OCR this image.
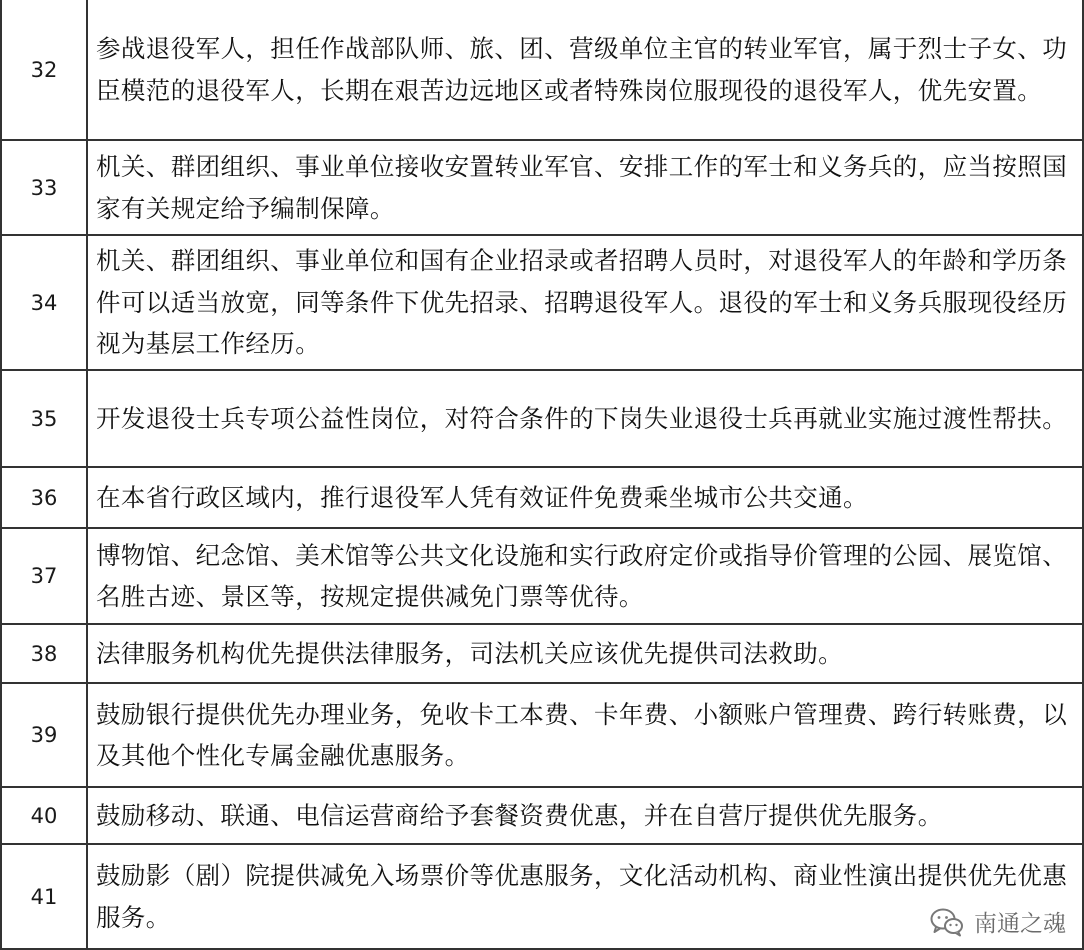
32	参战退役军人，担任作战部队师、旅、团、营级单位主官的转业军官，属于烈士子女、功臣模范的退役军人，长期在艰苦边远地区或者特殊岗位服现役的退役军人，优先安置。
33	机关、群团组织、事业单位接收安置转业军官、安排工作的军士和义务兵的，应当按照国家有关规定给予编制保障。
34	机关、群团组织、事业单位和国有企业招录或者招聘人员时，对退役军人的年龄和学历条件可以适当放宽，同等条件下优先招录、招聘退役军人。退役的军士和义务兵服现役经历视为基层工作经历。
35	开发退役士兵专项公益性岗位，对符合条件的下岗失业退役士兵再就业实施过渡性帮扶。
36	在本省行政区域内，推行退役军人凭有效证件免费乘坐城市公共交通。
37	博物馆、纪念馆、美术馆等公共文化设施和实行政府定价或指导价管理的公园、展览馆、名胜古迹、景区等，按规定提供减免门票等优待。
38	法律服务机构优先提供法律服务，司法机关应该优先提供司法救助。
39	鼓励银行提供优先办理业务，免收卡工本费、卡年费、小额账户管理费、跨行转账费，以及其他个性化专属金融优惠服务。
40	鼓励移动、联通、电信运营商给予套餐资费优惠，并在自营厅提供优先服务。
41	鼓励影（剧）院提供减免入场票价等优惠服务，文化活动机构、商业性演出提供优先优惠服务。	南通之魂
